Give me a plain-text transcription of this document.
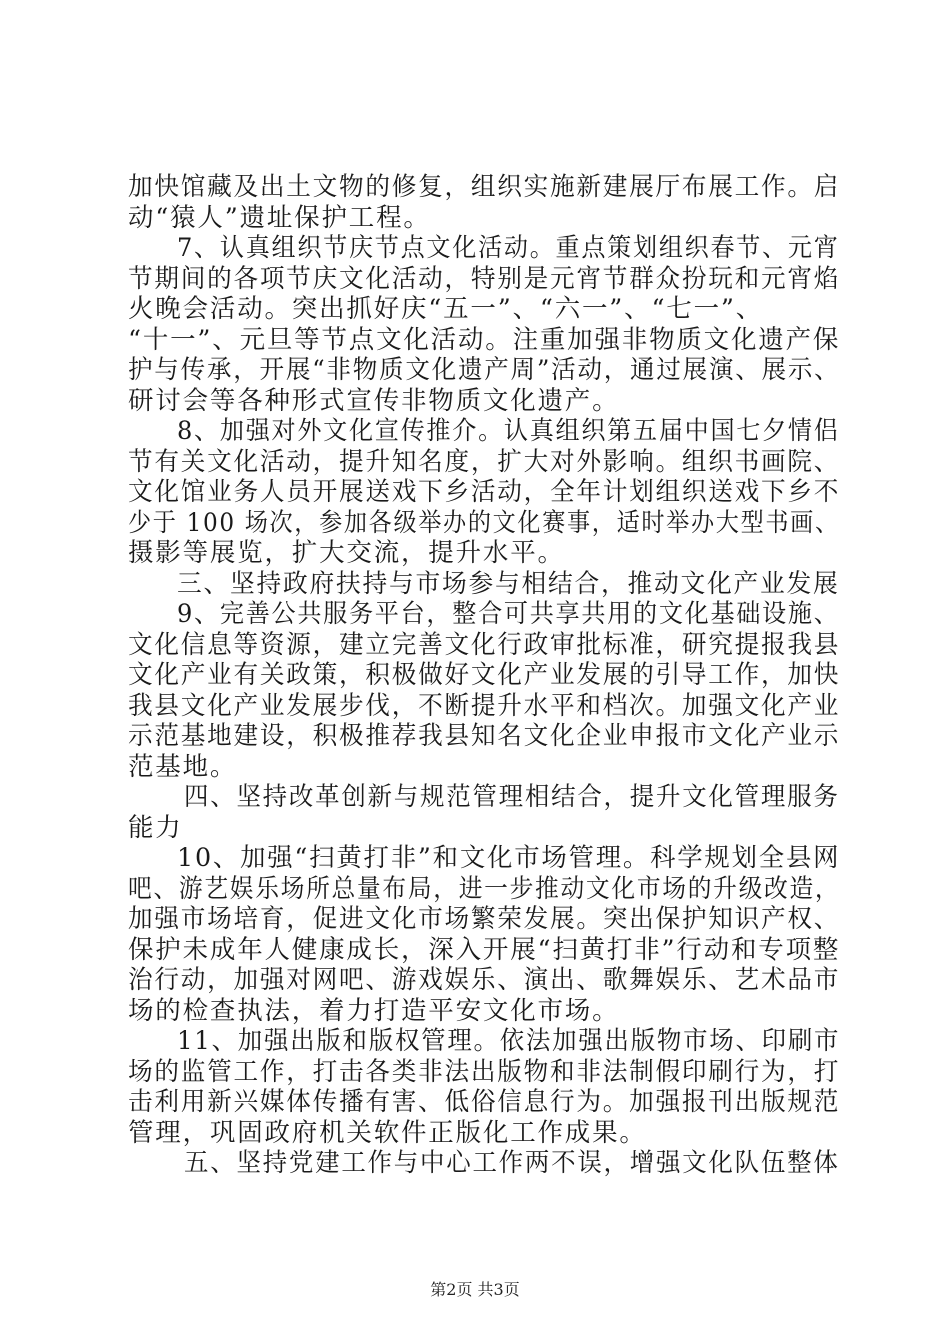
加快馆藏及出土文物的修复，组织实施新建展厅布展工作。启
动“猿人”遗址保护工程。
7、认真组织节庆节点文化活动。重点策划组织春节、元宵
节期间的各项节庆文化活动，特别是元宵节群众扮玩和元宵焰
火晚会活动。突出抓好庆“五一”、“六一”、“七一”、
“十一”、元旦等节点文化活动。注重加强非物质文化遗产保
护与传承，开展“非物质文化遗产周”活动，通过展演、展示、
研讨会等各种形式宣传非物质文化遗产。
8、加强对外文化宣传推介。认真组织第五届中国七夕情侣
节有关文化活动，提升知名度，扩大对外影响。组织书画院、
文化馆业务人员开展送戏下乡活动，全年计划组织送戏下乡不
少于 100 场次，参加各级举办的文化赛事，适时举办大型书画、
摄影等展览，扩大交流，提升水平。
三、坚持政府扶持与市场参与相结合，推动文化产业发展
9、完善公共服务平台，整合可共享共用的文化基础设施、
文化信息等资源，建立完善文化行政审批标准，研究提报我县
文化产业有关政策，积极做好文化产业发展的引导工作，加快
我县文化产业发展步伐，不断提升水平和档次。加强文化产业
示范基地建设，积极推荐我县知名文化企业申报市文化产业示
范基地。
四、坚持改革创新与规范管理相结合，提升文化管理服务
能力
10、加强“扫黄打非”和文化市场管理。科学规划全县网
吧、游艺娱乐场所总量布局，进一步推动文化市场的升级改造，
加强市场培育，促进文化市场繁荣发展。突出保护知识产权、
保护未成年人健康成长，深入开展“扫黄打非”行动和专项整
治行动，加强对网吧、游戏娱乐、演出、歌舞娱乐、艺术品市
场的检查执法，着力打造平安文化市场。
11、加强出版和版权管理。依法加强出版物市场、印刷市
场的监管工作，打击各类非法出版物和非法制假印刷行为，打
击利用新兴媒体传播有害、低俗信息行为。加强报刊出版规范
管理，巩固政府机关软件正版化工作成果。
五、坚持党建工作与中心工作两不误，增强文化队伍整体
第2页 共3页
